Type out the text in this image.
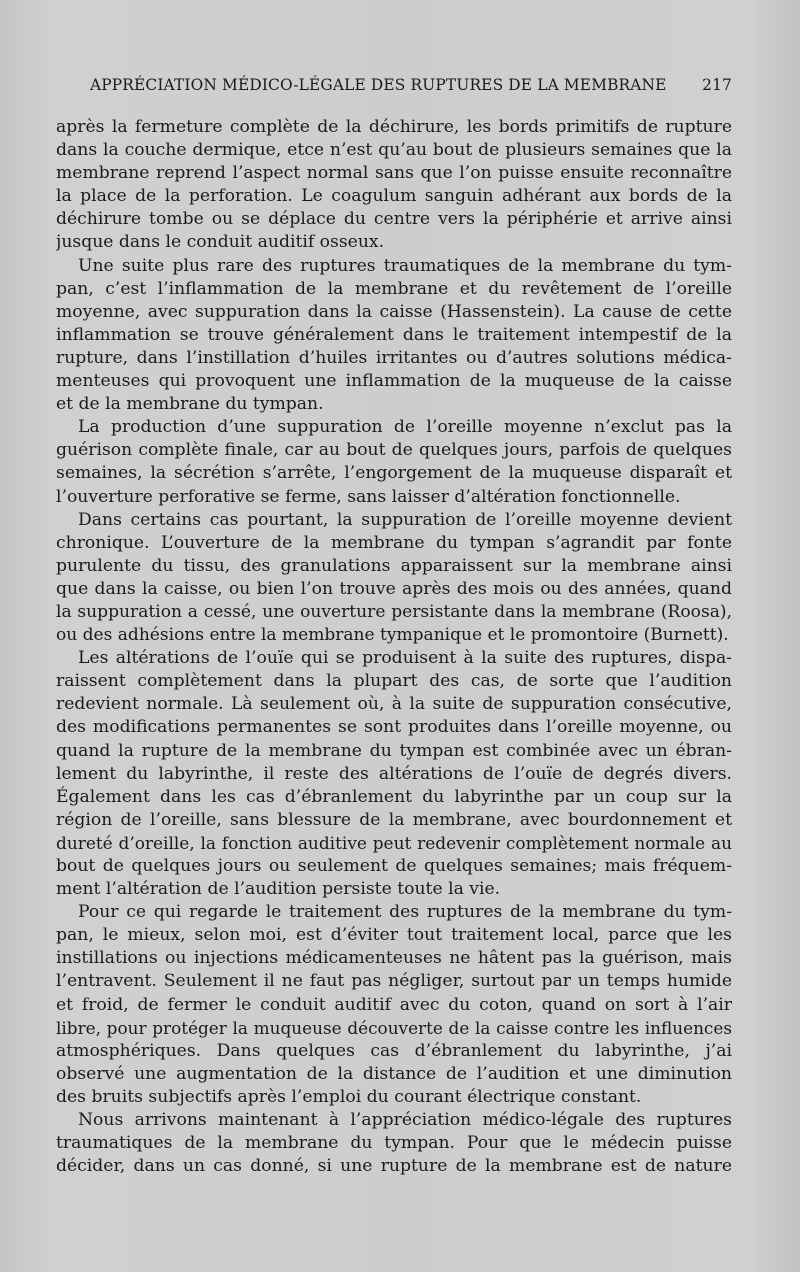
APPRÉCIATION MÉDICO-LÉGALE DES RUPTURES DE LA MEMBRANE 217
après la fermeture complète de la déchirure, les bords primitifs de rupture
dans la couche dermique, etce n’est qu’au bout de plusieurs semaines que la
membrane reprend l’aspect normal sans que l’on puisse ensuite reconnaître
la place de la perforation. Le coagulum sanguin adhérant aux bords de la
déchirure tombe ou se déplace du centre vers la périphérie et arrive ainsi
jusque dans le conduit auditif osseux.
Une suite plus rare des ruptures traumatiques de la membrane du tym-
pan, c’est l’inflammation de la membrane et du revêtement de l’oreille
moyenne, avec suppuration dans la caisse (Hassenstein). La cause de cette
inflammation se trouve généralement dans le traitement intempestif de la
rupture, dans l’instillation d’huiles irritantes ou d’autres solutions médica-
menteuses qui provoquent une inflammation de la muqueuse de la caisse
et de la membrane du tympan.
La production d’une suppuration de l’oreille moyenne n’exclut pas la
guérison complète finale, car au bout de quelques jours, parfois de quelques
semaines, la sécrétion s’arrête, l’engorgement de la muqueuse disparaît et
l’ouverture perforative se ferme, sans laisser d’altération fonctionnelle.
Dans certains cas pourtant, la suppuration de l’oreille moyenne devient
chronique. L’ouverture de la membrane du tympan s’agrandit par fonte
purulente du tissu, des granulations apparaissent sur la membrane ainsi
que dans la caisse, ou bien l’on trouve après des mois ou des années, quand
la suppuration a cessé, une ouverture persistante dans la membrane (Roosa),
ou des adhésions entre la membrane tympanique et le promontoire (Burnett).
Les altérations de l’ouïe qui se produisent à la suite des ruptures, dispa-
raissent complètement dans la plupart des cas, de sorte que l’audition
redevient normale. Là seulement où, à la suite de suppuration consécutive,
des modifications permanentes se sont produites dans l’oreille moyenne, ou
quand la rupture de la membrane du tympan est combinée avec un ébran-
lement du labyrinthe, il reste des altérations de l’ouïe de degrés divers.
Également dans les cas d’ébranlement du labyrinthe par un coup sur la
région de l’oreille, sans blessure de la membrane, avec bourdonnement et
dureté d’oreille, la fonction auditive peut redevenir complètement normale au
bout de quelques jours ou seulement de quelques semaines; mais fréquem-
ment l’altération de l’audition persiste toute la vie.
Pour ce qui regarde le traitement des ruptures de la membrane du tym-
pan, le mieux, selon moi, est d’éviter tout traitement local, parce que les
instillations ou injections médicamenteuses ne hâtent pas la guérison, mais
l’entravent. Seulement il ne faut pas négliger, surtout par un temps humide
et froid, de fermer le conduit auditif avec du coton, quand on sort à l’air
libre, pour protéger la muqueuse découverte de la caisse contre les influences
atmosphériques. Dans quelques cas d’ébranlement du labyrinthe, j’ai
observé une augmentation de la distance de l’audition et une diminution
des bruits subjectifs après l’emploi du courant électrique constant.
Nous arrivons maintenant à l’appréciation médico-légale des ruptures
traumatiques de la membrane du tympan. Pour que le médecin puisse
décider, dans un cas donné, si une rupture de la membrane est de nature
